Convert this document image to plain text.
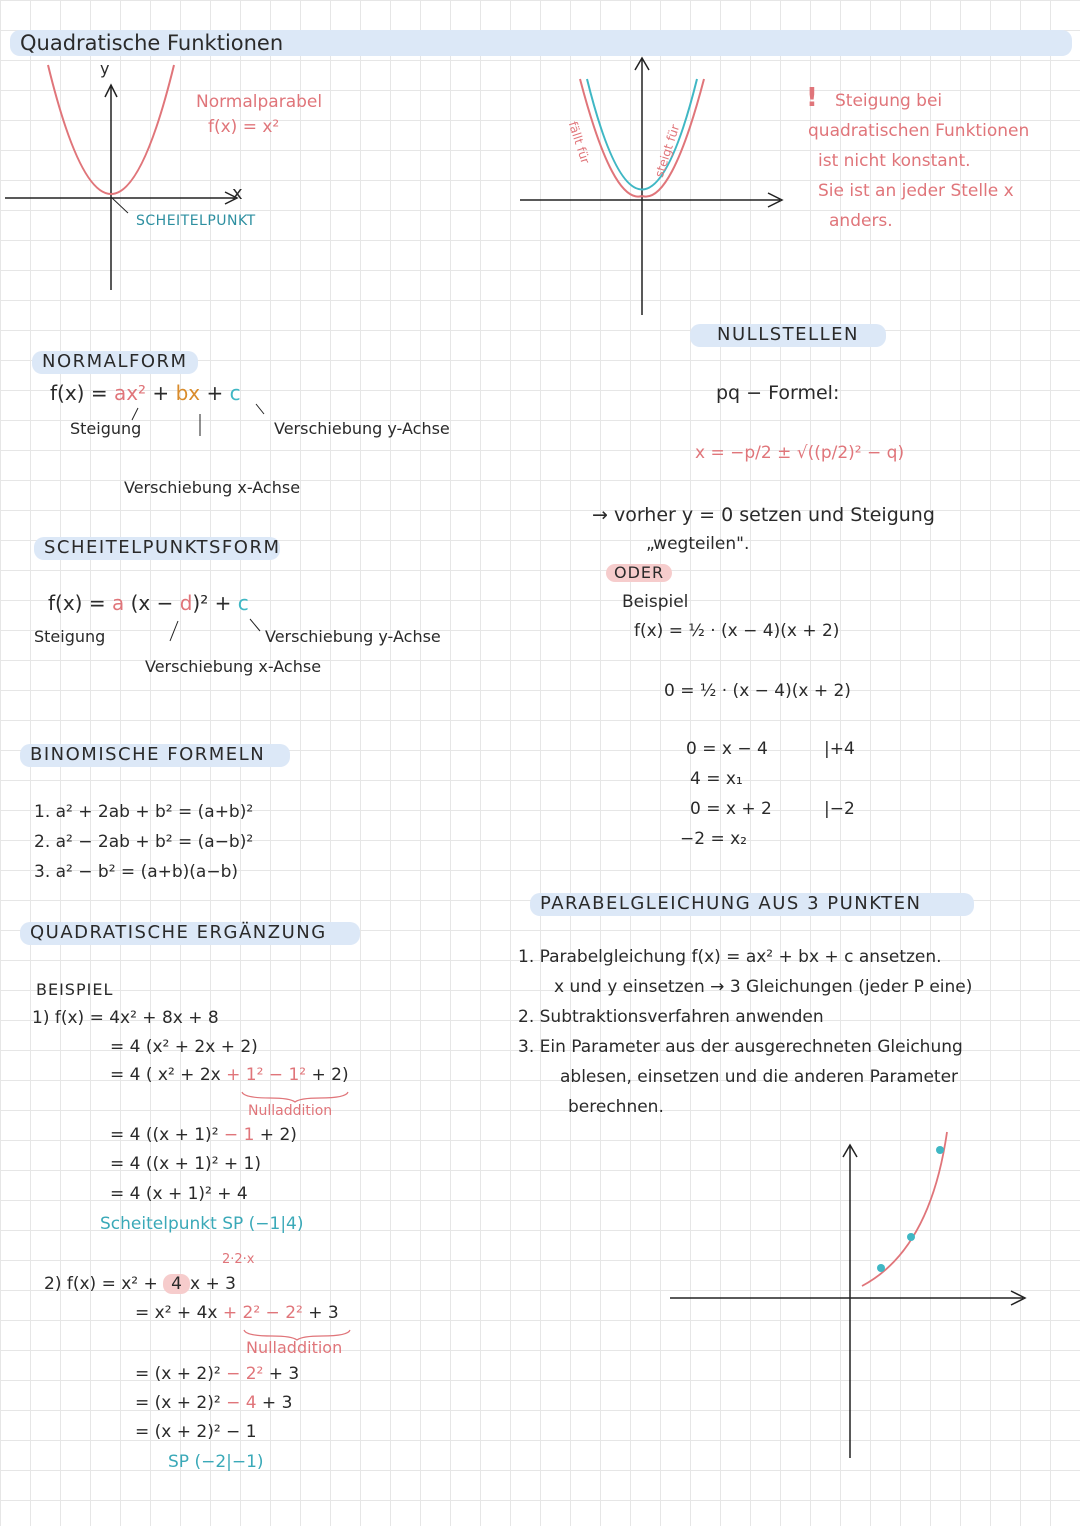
Quadratische Funktionen
y
x
Normalparabel
f(x) = x²
SCHEITELPUNKT
fällt für	steigt für
! Steigung bei
quadratischen Funktionen
ist nicht konstant.
Sie ist an jeder Stelle x
anders.
NORMALFORM
f(x) = ax² + bx + c
Steigung	Verschiebung y-Achse
Verschiebung x-Achse
SCHEITELPUNKTSFORM
f(x) = a (x − d)² + c
Steigung	Verschiebung y-Achse
Verschiebung x-Achse
BINOMISCHE FORMELN
1. a² + 2ab + b² = (a+b)²
2. a² − 2ab + b² = (a−b)²
3. a² − b² = (a+b)(a−b)
QUADRATISCHE ERGÄNZUNG
BEISPIEL
1) f(x) = 4x² + 8x + 8
= 4 (x² + 2x + 2)
= 4 ( x² + 2x + 1² − 1² + 2)
Nulladdition
= 4 ((x + 1)² − 1 + 2)
= 4 ((x + 1)² + 1)
= 4 (x + 1)² + 4
Scheitelpunkt SP (−1|4)
2·2·x
2) f(x) = x² + 4 x + 3
= x² + 4x + 2² − 2² + 3
Nulladdition
= (x + 2)² − 2² + 3
= (x + 2)² − 4 + 3
= (x + 2)² − 1
SP (−2|−1)
NULLSTELLEN
pq − Formel:
x = −p/2 ± √((p/2)² − q)
→ vorher y = 0 setzen und Steigung
„wegteilen".
ODER
Beispiel
f(x) = ½ · (x − 4)(x + 2)
0 = ½ · (x − 4)(x + 2)
0 = x − 4	|+4
4 = x₁
0 = x + 2	|−2
−2 = x₂
PARABELGLEICHUNG AUS 3 PUNKTEN
1. Parabelgleichung f(x) = ax² + bx + c ansetzen.
x und y einsetzen → 3 Gleichungen (jeder P eine)
2. Subtraktionsverfahren anwenden
3. Ein Parameter aus der ausgerechneten Gleichung
ablesen, einsetzen und die anderen Parameter
berechnen.
